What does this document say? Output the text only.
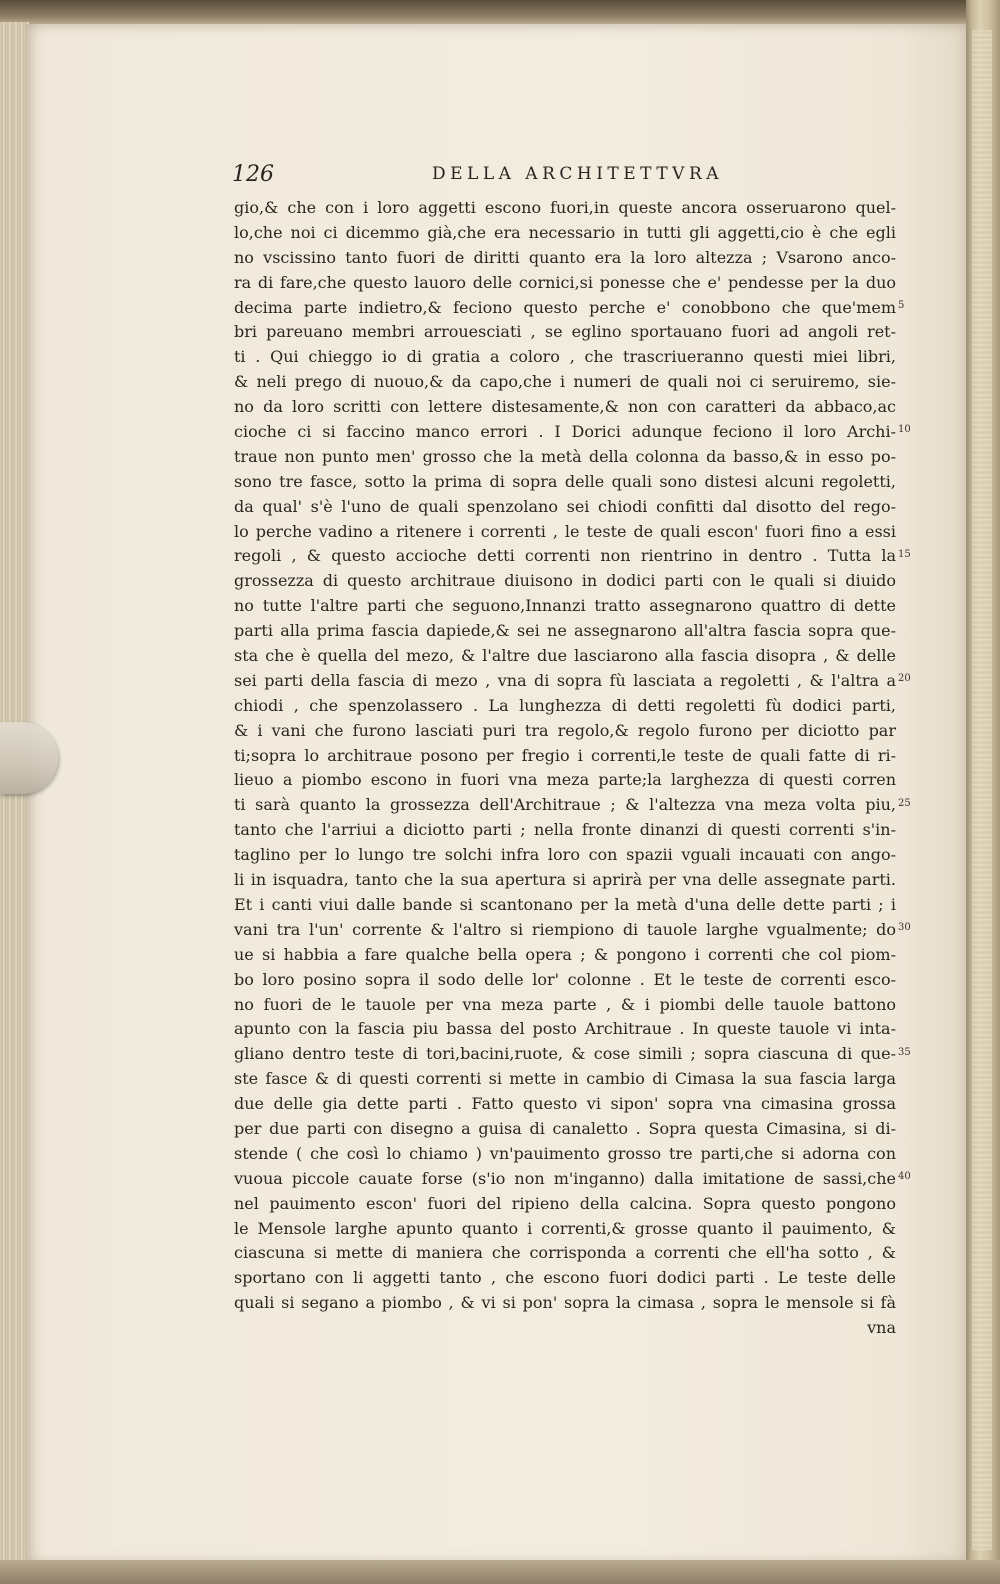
126	DELLA ARCHITETTVRA
gio,& che con i loro aggetti escono fuori,in queste ancora osseruarono quel-
lo,che noi ci dicemmo già,che era necessario in tutti gli aggetti,cio è che egli
no vscissino tanto fuori de diritti quanto era la loro altezza ; Vsarono anco-
ra di fare,che questo lauoro delle cornici,si ponesse che e' pendesse per la duo
decima parte indietro,& feciono questo perche e' conobbono che que'mem
bri pareuano membri arrouesciati , se eglino sportauano fuori ad angoli ret-
ti . Qui chieggo io di gratia a coloro , che trascriueranno questi miei libri,
& neli prego di nuouo,& da capo,che i numeri de quali noi ci seruiremo, sie-
no da loro scritti con lettere distesamente,& non con caratteri da abbaco,ac
cioche ci si faccino manco errori . I Dorici adunque feciono il loro Archi-
traue non punto men' grosso che la metà della colonna da basso,& in esso po-
sono tre fasce, sotto la prima di sopra delle quali sono distesi alcuni regoletti,
da qual' s'è l'uno de quali spenzolano sei chiodi confitti dal disotto del rego-
lo perche vadino a ritenere i correnti , le teste de quali escon' fuori fino a essi
regoli , & questo accioche detti correnti non rientrino in dentro . Tutta la
grossezza di questo architraue diuisono in dodici parti con le quali si diuido
no tutte l'altre parti che seguono,Innanzi tratto assegnarono quattro di dette
parti alla prima fascia dapiede,& sei ne assegnarono all'altra fascia sopra que-
sta che è quella del mezo, & l'altre due lasciarono alla fascia disopra , & delle
sei parti della fascia di mezo , vna di sopra fù lasciata a regoletti , & l'altra a
chiodi , che spenzolassero . La lunghezza di detti regoletti fù dodici parti,
& i vani che furono lasciati puri tra regolo,& regolo furono per diciotto par
ti;sopra lo architraue posono per fregio i correnti,le teste de quali fatte di ri-
lieuo a piombo escono in fuori vna meza parte;la larghezza di questi corren
ti sarà quanto la grossezza dell'Architraue ; & l'altezza vna meza volta piu,
tanto che l'arriui a diciotto parti ; nella fronte dinanzi di questi correnti s'in-
taglino per lo lungo tre solchi infra loro con spazii vguali incauati con ango-
li in isquadra, tanto che la sua apertura si aprirà per vna delle assegnate parti.
Et i canti viui dalle bande si scantonano per la metà d'una delle dette parti ; i
vani tra l'un' corrente & l'altro si riempiono di tauole larghe vgualmente; do
ue si habbia a fare qualche bella opera ; & pongono i correnti che col piom-
bo loro posino sopra il sodo delle lor' colonne . Et le teste de correnti esco-
no fuori de le tauole per vna meza parte , & i piombi delle tauole battono
apunto con la fascia piu bassa del posto Architraue . In queste tauole vi inta-
gliano dentro teste di tori,bacini,ruote, & cose simili ; sopra ciascuna di que-
ste fasce & di questi correnti si mette in cambio di Cimasa la sua fascia larga
due delle gia dette parti . Fatto questo vi sipon' sopra vna cimasina grossa
per due parti con disegno a guisa di canaletto . Sopra questa Cimasina, si di-
stende ( che così lo chiamo ) vn'pauimento grosso tre parti,che si adorna con
vuoua piccole cauate forse (s'io non m'inganno) dalla imitatione de sassi,che
nel pauimento escon' fuori del ripieno della calcina. Sopra questo pongono
le Mensole larghe apunto quanto i correnti,& grosse quanto il pauimento, &
ciascuna si mette di maniera che corrisponda a correnti che ell'ha sotto , &
sportano con li aggetti tanto , che escono fuori dodici parti . Le teste delle
quali si segano a piombo , & vi si pon' sopra la cimasa , sopra le mensole si fà
vna
5
10
15
20
25
30
35
40
